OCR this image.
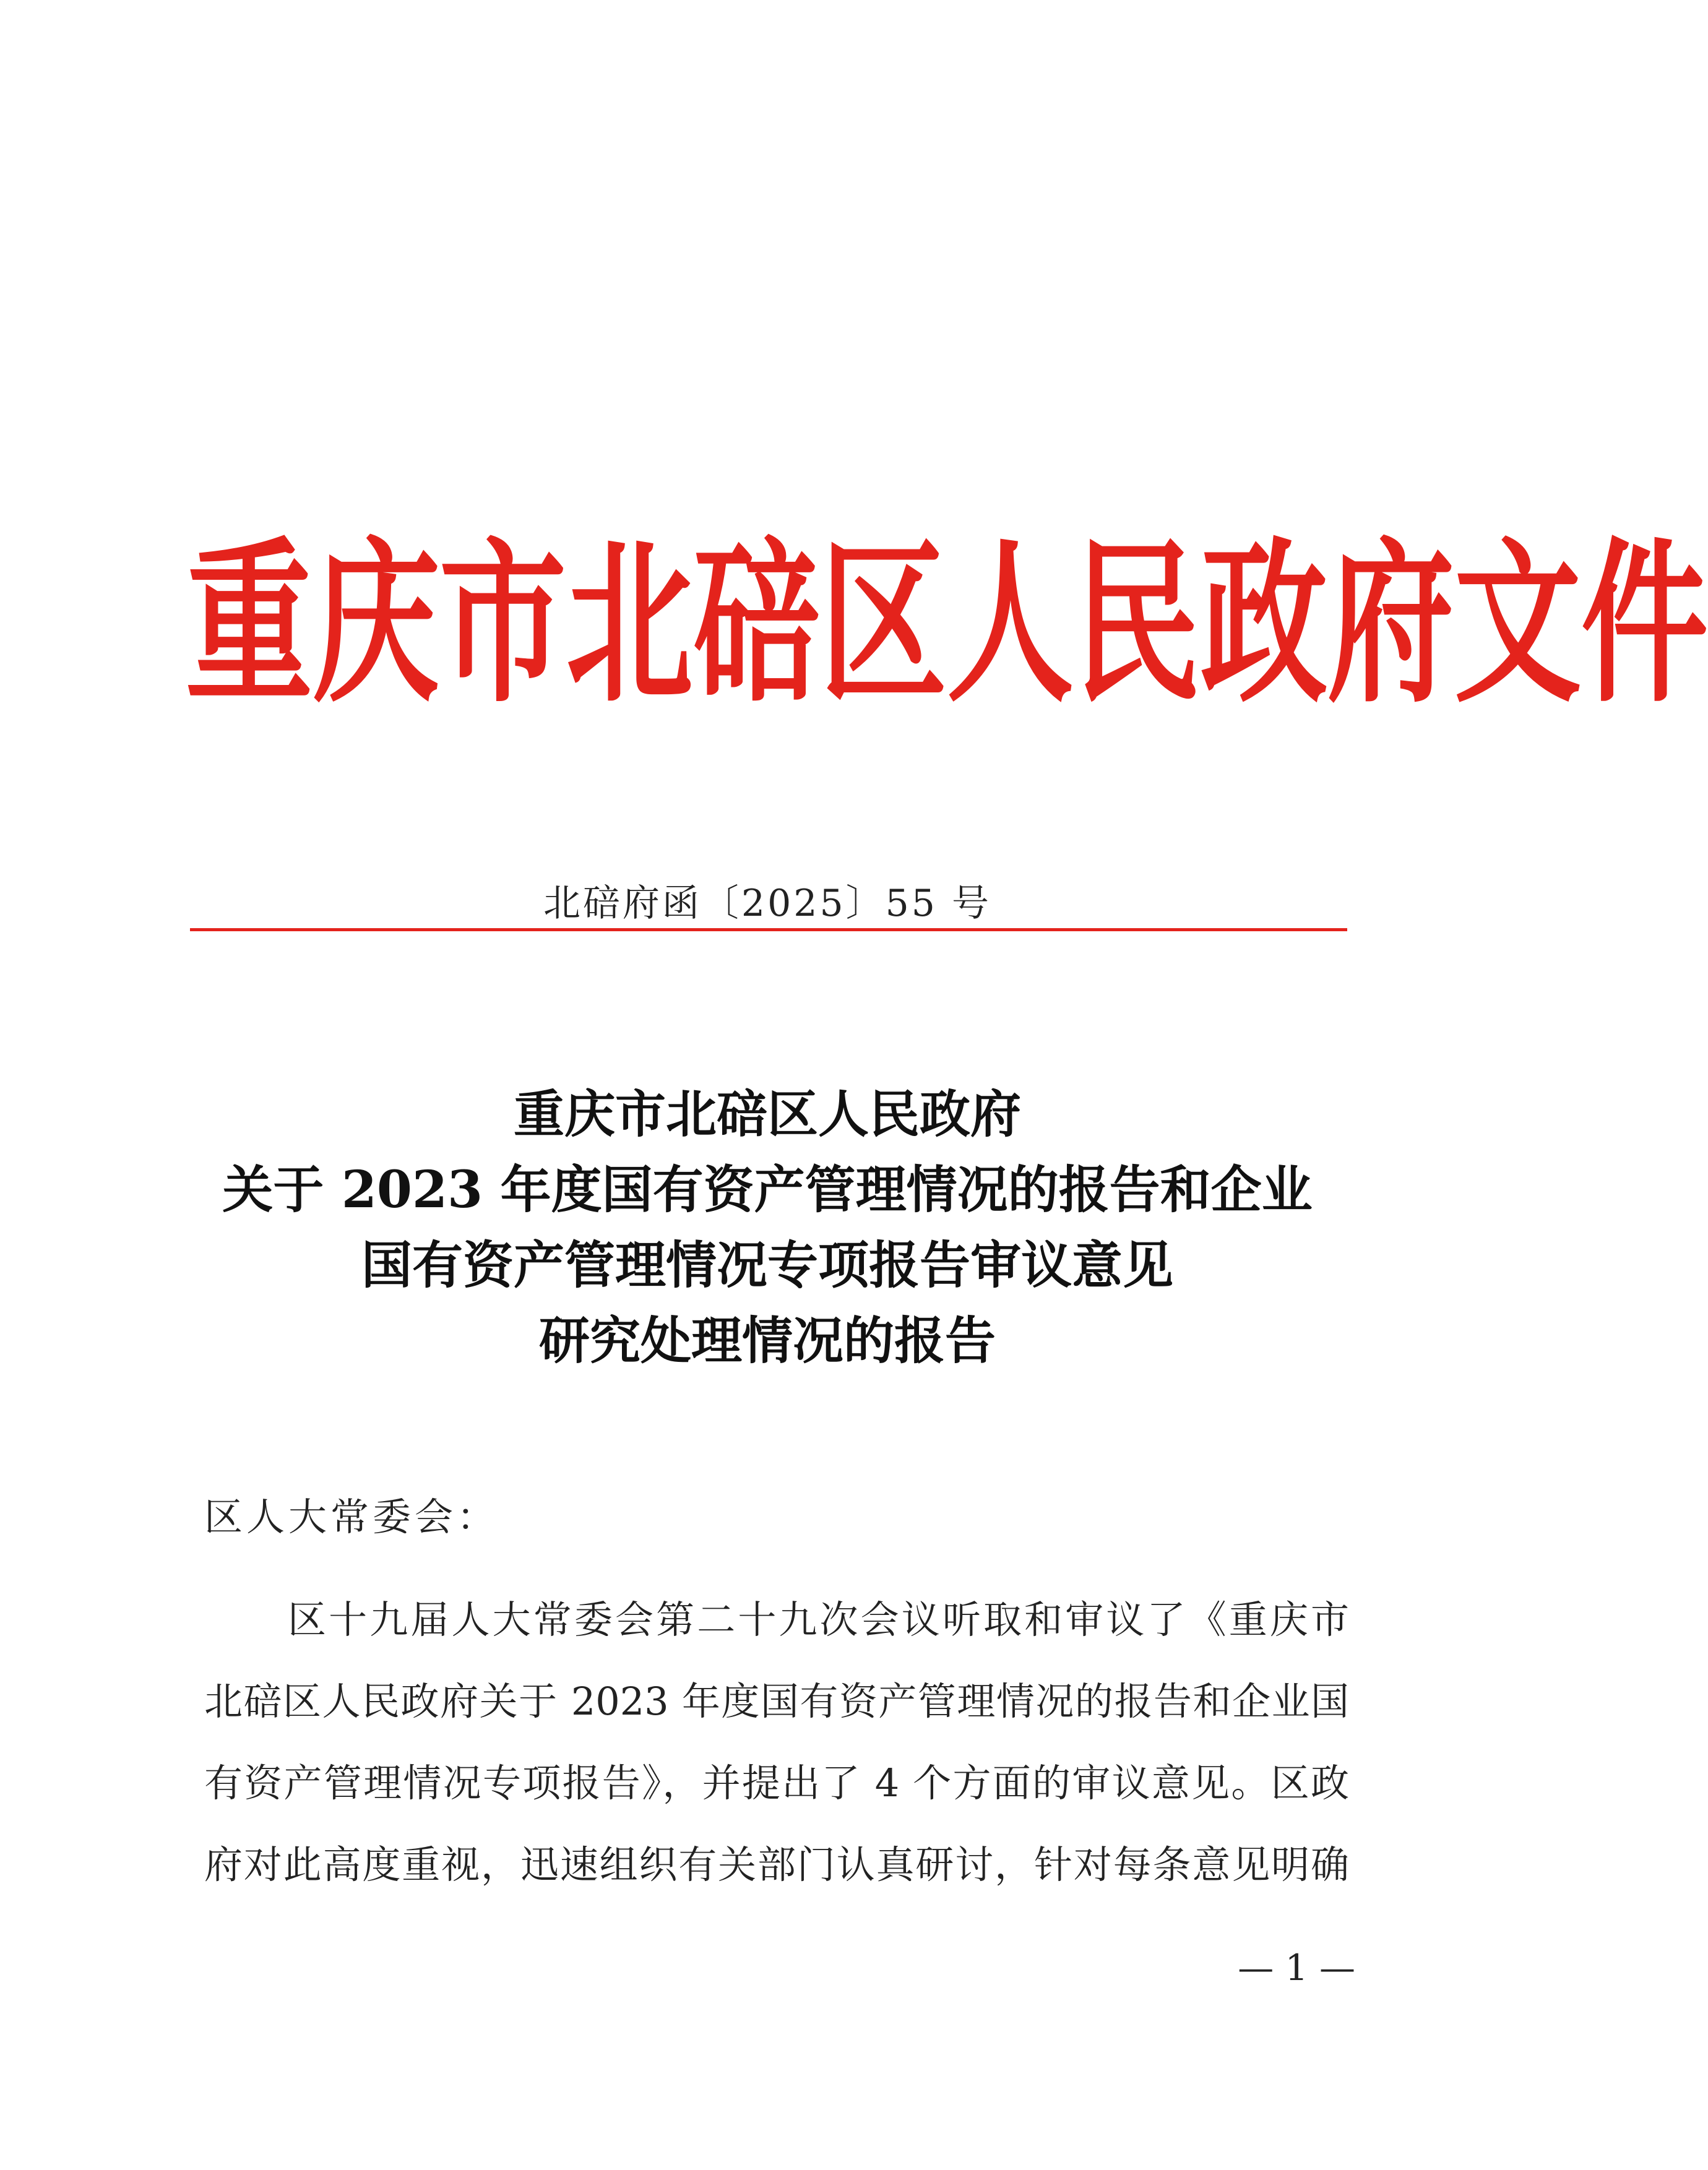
重 庆 市 北 碚 区 人 民 政 府 文 件
北碚府函〔2025〕55 号
重庆市北碚区人民政府
关于 2023 年度国有资产管理情况的报告和企业
国有资产管理情况专项报告审议意见
研究处理情况的报告
区人大常委会：
区十九届人大常委会第二十九次会议听取和审议了《重庆市
北碚区人民政府关于 2023 年度国有资产管理情况的报告和企业国
有资产管理情况专项报告》，并提出了 4 个方面的审议意见。区政
府对此高度重视，迅速组织有关部门认真研讨，针对每条意见明确
— 1 —
